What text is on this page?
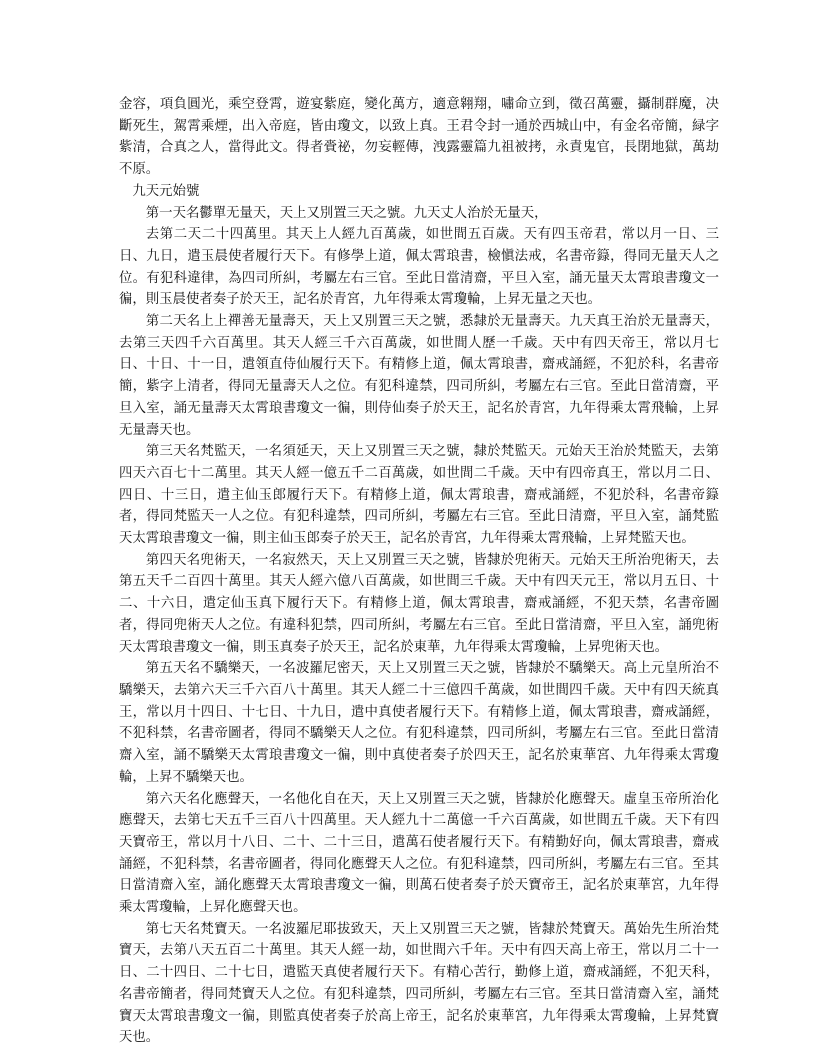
金容，項負圓光，乘空登霄，遊宴紫庭，變化萬方，適意翱翔，嘯命立到，徵召萬靈，攝制群魔，决斷死生，駕霄乘煙，出入帝庭，皆由瓊文，以致上真。王君令封一通於西城山中，有金名帝簡，緑字紫清，合真之人，當得此文。得者賫祕，勿妄輕傳，洩露靈篇九祖被拷，永責鬼官，長閉地獄，萬劫不原。

九天元始號

第一天名鬱單无量天，天上又別置三天之號。九天丈人治於无量天，

去第二天二十四萬里。其天上人經九百萬歲，如世間五百歲。天有四玉帝君，常以月一日、三日、九日，遣玉晨使者履行天下。有修學上道，佩太霄琅書，檢愼法戒，名書帝籙，得同无量天人之位。有犯科違律，為四司所糾，考屬左右三官。至此日當清齋，平旦入室，誦无量天太霄琅書瓊文一徧，則玉晨使者奏子於天王，記名於青宮，九年得乘太霄瓊輪，上昇无量之天也。

第二天名上上禪善无量壽天，天上又別置三天之號，悉隸於无量壽天。九天真王治於无量壽天，去第三天四千六百萬里。其天人經三千六百萬歲，如世間人歷一千歲。天中有四天帝王，常以月七日、十日、十一日，遣領直侍仙履行天下。有精修上道，佩太霄琅書，齋戒誦經，不犯於科，名書帝簡，紫字上清者，得同无量壽天人之位。有犯科違禁，四司所糾，考屬左右三官。至此日當清齋，平旦入室，誦无量壽天太霄琅書瓊文一徧，則侍仙奏子於天王，記名於青宮，九年得乘太霄飛輪，上昇无量壽天也。

第三天名梵監天，一名須延天，天上又別置三天之號，隸於梵監天。元始天王治於梵監天，去第四天六百七十二萬里。其天人經一億五千二百萬歲，如世間二千歲。天中有四帝真王，常以月二日、四日、十三日，遣主仙玉郎履行天下。有精修上道，佩太霄琅書，齋戒誦經，不犯於科，名書帝籙者，得同梵監天一人之位。有犯科違禁，四司所糾，考屬左右三官。至此日清齋，平旦入室，誦梵監天太霄琅書瓊文一徧，則主仙玉郎奏子於天王，記名於青宮，九年得乘太霄飛輪，上昇梵監天也。

第四天名兜術天，一名寂然天，天上又別置三天之號，皆隸於兜術天。元始天王所治兜術天，去第五天千二百四十萬里。其天人經六億八百萬歲，如世間三千歲。天中有四天元王，常以月五日、十二、十六日，遣定仙玉真下履行天下。有精修上道，佩太霄琅書，齋戒誦經，不犯天禁，名書帝圖者，得同兜術天人之位。有違科犯禁，四司所糾，考屬左右三官。至此日當清齋，平旦入室，誦兜術天太霄琅書瓊文一徧，則玉真奏子於天王，記名於東華，九年得乘太霄瓊輪，上昇兜術天也。

第五天名不驕樂天，一名波羅尼密天，天上又別置三天之號，皆隸於不驕樂天。高上元皇所治不驕樂天，去第六天三千六百八十萬里。其天人經二十三億四千萬歲，如世間四千歲。天中有四天統真王，常以月十四日、十七日、十九日，遣中真使者履行天下。有精修上道，佩太霄琅書，齋戒誦經，不犯科禁，名書帝圖者，得同不驕樂天人之位。有犯科違禁，四司所糾，考屬左右三官。至此日當清齋入室，誦不驕樂天太霄琅書瓊文一徧，則中真使者奏子於四天王，記名於東華宮、九年得乘太霄瓊輪，上昇不驕樂天也。

第六天名化應聲天，一名他化自在天，天上又別置三天之號，皆隸於化應聲天。虛皇玉帝所治化應聲天，去第七天五千三百八十四萬里。天人經九十二萬億一千六百萬歲，如世間五千歲。天下有四天寶帝王，常以月十八日、二十、二十三日，遣萬石使者履行天下。有精勤好向，佩太霄琅書，齋戒誦經，不犯科禁，名書帝圖者，得同化應聲天人之位。有犯科違禁，四司所糾，考屬左右三官。至其日當清齋入室，誦化應聲天太霄琅書瓊文一徧，則萬石使者奏子於天寶帝王，記名於東華宮，九年得乘太霄瓊輪，上昇化應聲天也。

第七天名梵寶天。一名波羅尼耶拔致天，天上又別置三天之號，皆隸於梵寶天。萬始先生所治梵寶天，去第八天五百二十萬里。其天人經一劫，如世間六千年。天中有四天高上帝王，常以月二十一日、二十四日、二十七日，遣監天真使者履行天下。有精心苦行，勤修上道，齋戒誦經，不犯天科，名書帝簡者，得同梵寶天人之位。有犯科違禁，四司所糾，考屬左右三官。至其日當清齋入室，誦梵寶天太霄琅書瓊文一徧，則監真使者奏子於高上帝王，記名於東華宮，九年得乘太霄瓊輪，上昇梵寶天也。
